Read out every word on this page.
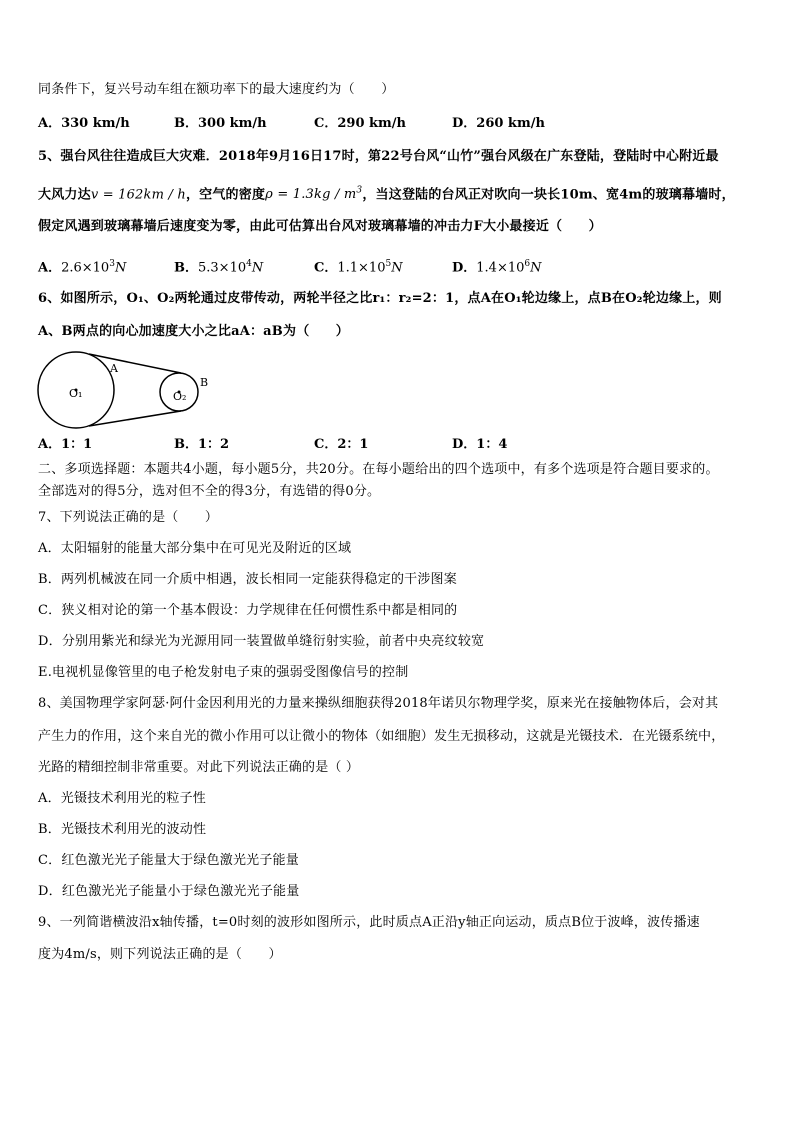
同条件下，复兴号动车组在额功率下的最大速度约为（　　）
A．330 km/h	B．300 km/h	C．290 km/h	D．260 km/h
5、强台风往往造成巨大灾难．2018年9月16日17时，第22号台风“山竹”强台风级在广东登陆，登陆时中心附近最
大风力达v = 162km / h，空气的密度$\rho = 1.3kg / m^3$，当这登陆的台风正对吹向一块长10m、宽4m的玻璃幕墙时，
假定风遇到玻璃幕墙后速度变为零，由此可估算出台风对玻璃幕墙的冲击力F大小最接近（　　）
A．$2.6\times 10^3N$	B．$5.3\times 10^4N$	C．$1.1\times 10^5N$	D．$1.4\times 10^6N$
6、如图所示，O₁、O₂两轮通过皮带传动，两轮半径之比r₁：r₂=2：1，点A在O₁轮边缘上，点B在O₂轮边缘上，则
A、B两点的向心加速度大小之比aA：aB为（　　）
O₁	O₂
A
B
A．1：1	B．1：2	C．2：1	D．1：4
二、多项选择题：本题共4小题，每小题5分，共20分。在每小题给出的四个选项中，有多个选项是符合题目要求的。
全部选对的得5分，选对但不全的得3分，有选错的得0分。
7、下列说法正确的是（　　）
A．太阳辐射的能量大部分集中在可见光及附近的区域
B．两列机械波在同一介质中相遇，波长相同一定能获得稳定的干涉图案
C．狭义相对论的第一个基本假设：力学规律在任何惯性系中都是相同的
D．分别用紫光和绿光为光源用同一装置做单缝衍射实验，前者中央亮纹较宽
E.电视机显像管里的电子枪发射电子束的强弱受图像信号的控制
8、美国物理学家阿瑟·阿什金因利用光的力量来操纵细胞获得2018年诺贝尔物理学奖，原来光在接触物体后，会对其
产生力的作用，这个来自光的微小作用可以让微小的物体（如细胞）发生无损移动，这就是光镊技术．在光镊系统中，
光路的精细控制非常重要。对此下列说法正确的是（ ）
A．光镊技术利用光的粒子性
B．光镊技术利用光的波动性
C．红色激光光子能量大于绿色激光光子能量
D．红色激光光子能量小于绿色激光光子能量
9、一列简谐横波沿x轴传播，t=0时刻的波形如图所示，此时质点A正沿y轴正向运动，质点B位于波峰，波传播速
度为4m/s，则下列说法正确的是（　　）
